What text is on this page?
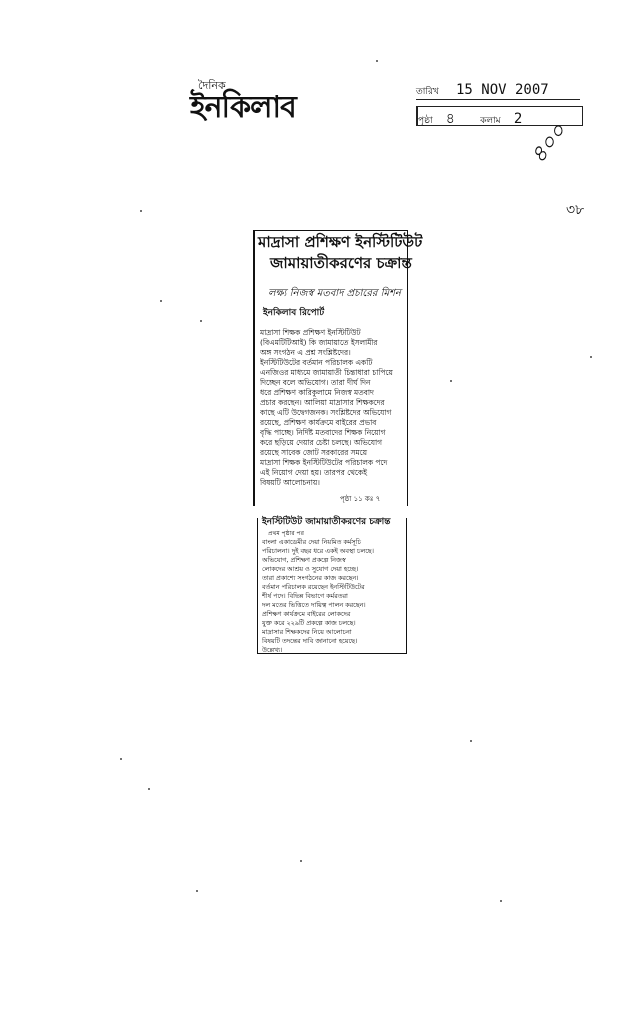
দৈনিক
ইনকিলাব	তারিখ 15 NOV 2007
পৃষ্ঠা ৪	কলাম 2
৪০০
৩৮
মাদ্রাসা প্রশিক্ষণ ইনস্টিটিউট
জামায়াতীকরণের চক্রান্ত
লক্ষ্য নিজস্ব মতবাদ প্রচারের মিশন
ইনকিলাব রিপোর্ট
মাদ্রাসা শিক্ষক প্রশিক্ষণ ইনস্টিটিউট
(বিএমটিটিআই) কি জামায়াতে ইসলামীর
অঙ্গ সংগঠন এ প্রশ্ন সংশ্লিষ্টদের।
ইনস্টিটিউটের বর্তমান পরিচালক একটি
এনজিওর মাধ্যমে জামায়াতী চিন্তাধারা চাপিয়ে
দিচ্ছেন বলে অভিযোগ। তারা দীর্ঘ দিন
ধরে প্রশিক্ষণ কারিকুলামে নিজস্ব মতবাদ
প্রচার করছেন। আলিয়া মাদ্রাসার শিক্ষকদের
কাছে এটি উদ্বেগজনক। সংশ্লিষ্টদের অভিযোগ
রয়েছে, প্রশিক্ষণ কার্যক্রমে বাইরের প্রভাব
বৃদ্ধি পাচ্ছে। নির্দিষ্ট মতবাদের শিক্ষক নিয়োগ
করে ছড়িয়ে দেয়ার চেষ্টা চলছে। অভিযোগ
রয়েছে সাবেক জোট সরকারের সময়ে
মাদ্রাসা শিক্ষক ইনস্টিটিউটের পরিচালক পদে
এই নিয়োগ দেয়া হয়। তারপর থেকেই
বিষয়টি আলোচনায়।
পৃষ্ঠা ১১ কঃ ৭
ইনস্টিটিউট জামায়াতীকরণের চক্রান্ত
প্রথম পৃষ্ঠার পর
বাংলা একাডেমীর দেয়া নিয়মিত কর্মসূচি
পরিচালনা। দুই বছর ধরে একই অবস্থা চলছে।
অভিযোগ, প্রশিক্ষণ প্রকল্পে নিজস্ব
লোকদের আশ্রয় ও সুযোগ দেয়া হচ্ছে।
তারা প্রকাশ্যে সংগঠনের কাজ করছেন।
বর্তমান পরিচালক রয়েছেন ইনস্টিটিউটের
শীর্ষ পদে। বিভিন্ন বিভাগে কর্মরতরা
দল মতের ভিত্তিতে দায়িত্ব পালন করছেন।
প্রশিক্ষণ কার্যক্রমে বাইরের লোকদের
যুক্ত করে ২২৯টি প্রকল্পে কাজ চলছে।
মাদ্রাসার শিক্ষকদের নিয়ে আলোচনা
বিষয়টি তদন্তের দাবি জানানো হয়েছে।
উল্লেখ্য।
